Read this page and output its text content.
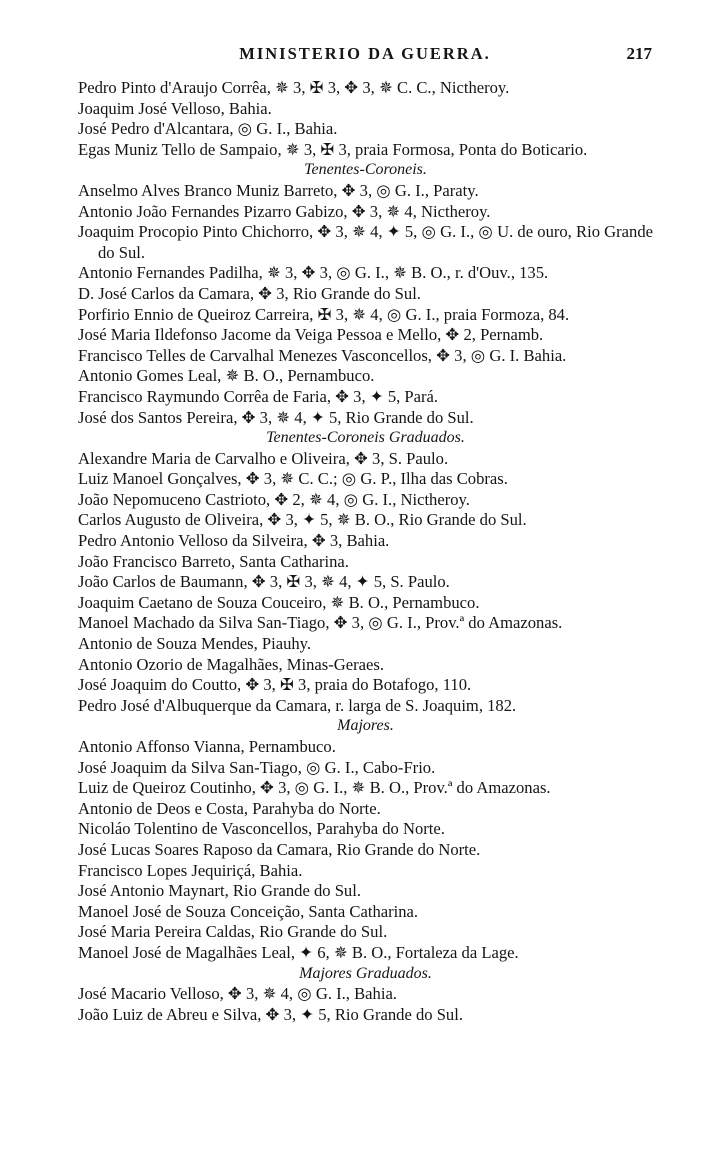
MINISTERIO DA GUERRA.	217
Pedro Pinto d'Araujo Corrêa, ✵ 3, ✠ 3, ✥ 3, ✵ C. C., Nictheroy.
Joaquim José Velloso, Bahia.
José Pedro d'Alcantara, ◎ G. I., Bahia.
Egas Muniz Tello de Sampaio, ✵ 3, ✠ 3, praia Formosa, Ponta do Boticario.
Tenentes-Coroneis.
Anselmo Alves Branco Muniz Barreto, ✥ 3, ◎ G. I., Paraty.
Antonio João Fernandes Pizarro Gabizo, ✥ 3, ✵ 4, Nictheroy.
Joaquim Procopio Pinto Chichorro, ✥ 3, ✵ 4, ✦ 5, ◎ G. I., ◎ U. de ouro, Rio Grande do Sul.
Antonio Fernandes Padilha, ✵ 3, ✥ 3, ◎ G. I., ✵ B. O., r. d'Ouv., 135.
D. José Carlos da Camara, ✥ 3, Rio Grande do Sul.
Porfirio Ennio de Queiroz Carreira, ✠ 3, ✵ 4, ◎ G. I., praia Formoza, 84.
José Maria Ildefonso Jacome da Veiga Pessoa e Mello, ✥ 2, Pernamb.
Francisco Telles de Carvalhal Menezes Vasconcellos, ✥ 3, ◎ G. I. Bahia.
Antonio Gomes Leal, ✵ B. O., Pernambuco.
Francisco Raymundo Corrêa de Faria, ✥ 3, ✦ 5, Pará.
José dos Santos Pereira, ✥ 3, ✵ 4, ✦ 5, Rio Grande do Sul.
Tenentes-Coroneis Graduados.
Alexandre Maria de Carvalho e Oliveira, ✥ 3, S. Paulo.
Luiz Manoel Gonçalves, ✥ 3, ✵ C. C.; ◎ G. P., Ilha das Cobras.
João Nepomuceno Castrioto, ✥ 2, ✵ 4, ◎ G. I., Nictheroy.
Carlos Augusto de Oliveira, ✥ 3, ✦ 5, ✵ B. O., Rio Grande do Sul.
Pedro Antonio Velloso da Silveira, ✥ 3, Bahia.
João Francisco Barreto, Santa Catharina.
João Carlos de Baumann, ✥ 3, ✠ 3, ✵ 4, ✦ 5, S. Paulo.
Joaquim Caetano de Souza Couceiro, ✵ B. O., Pernambuco.
Manoel Machado da Silva San-Tiago, ✥ 3, ◎ G. I., Prov.ª do Amazonas.
Antonio de Souza Mendes, Piauhy.
Antonio Ozorio de Magalhães, Minas-Geraes.
José Joaquim do Coutto, ✥ 3, ✠ 3, praia do Botafogo, 110.
Pedro José d'Albuquerque da Camara, r. larga de S. Joaquim, 182.
Majores.
Antonio Affonso Vianna, Pernambuco.
José Joaquim da Silva San-Tiago, ◎ G. I., Cabo-Frio.
Luiz de Queiroz Coutinho, ✥ 3, ◎ G. I., ✵ B. O., Prov.ª do Amazonas.
Antonio de Deos e Costa, Parahyba do Norte.
Nicoláo Tolentino de Vasconcellos, Parahyba do Norte.
José Lucas Soares Raposo da Camara, Rio Grande do Norte.
Francisco Lopes Jequiriçá, Bahia.
José Antonio Maynart, Rio Grande do Sul.
Manoel José de Souza Conceição, Santa Catharina.
José Maria Pereira Caldas, Rio Grande do Sul.
Manoel José de Magalhães Leal, ✦ 6, ✵ B. O., Fortaleza da Lage.
Majores Graduados.
José Macario Velloso, ✥ 3, ✵ 4, ◎ G. I., Bahia.
João Luiz de Abreu e Silva, ✥ 3, ✦ 5, Rio Grande do Sul.
